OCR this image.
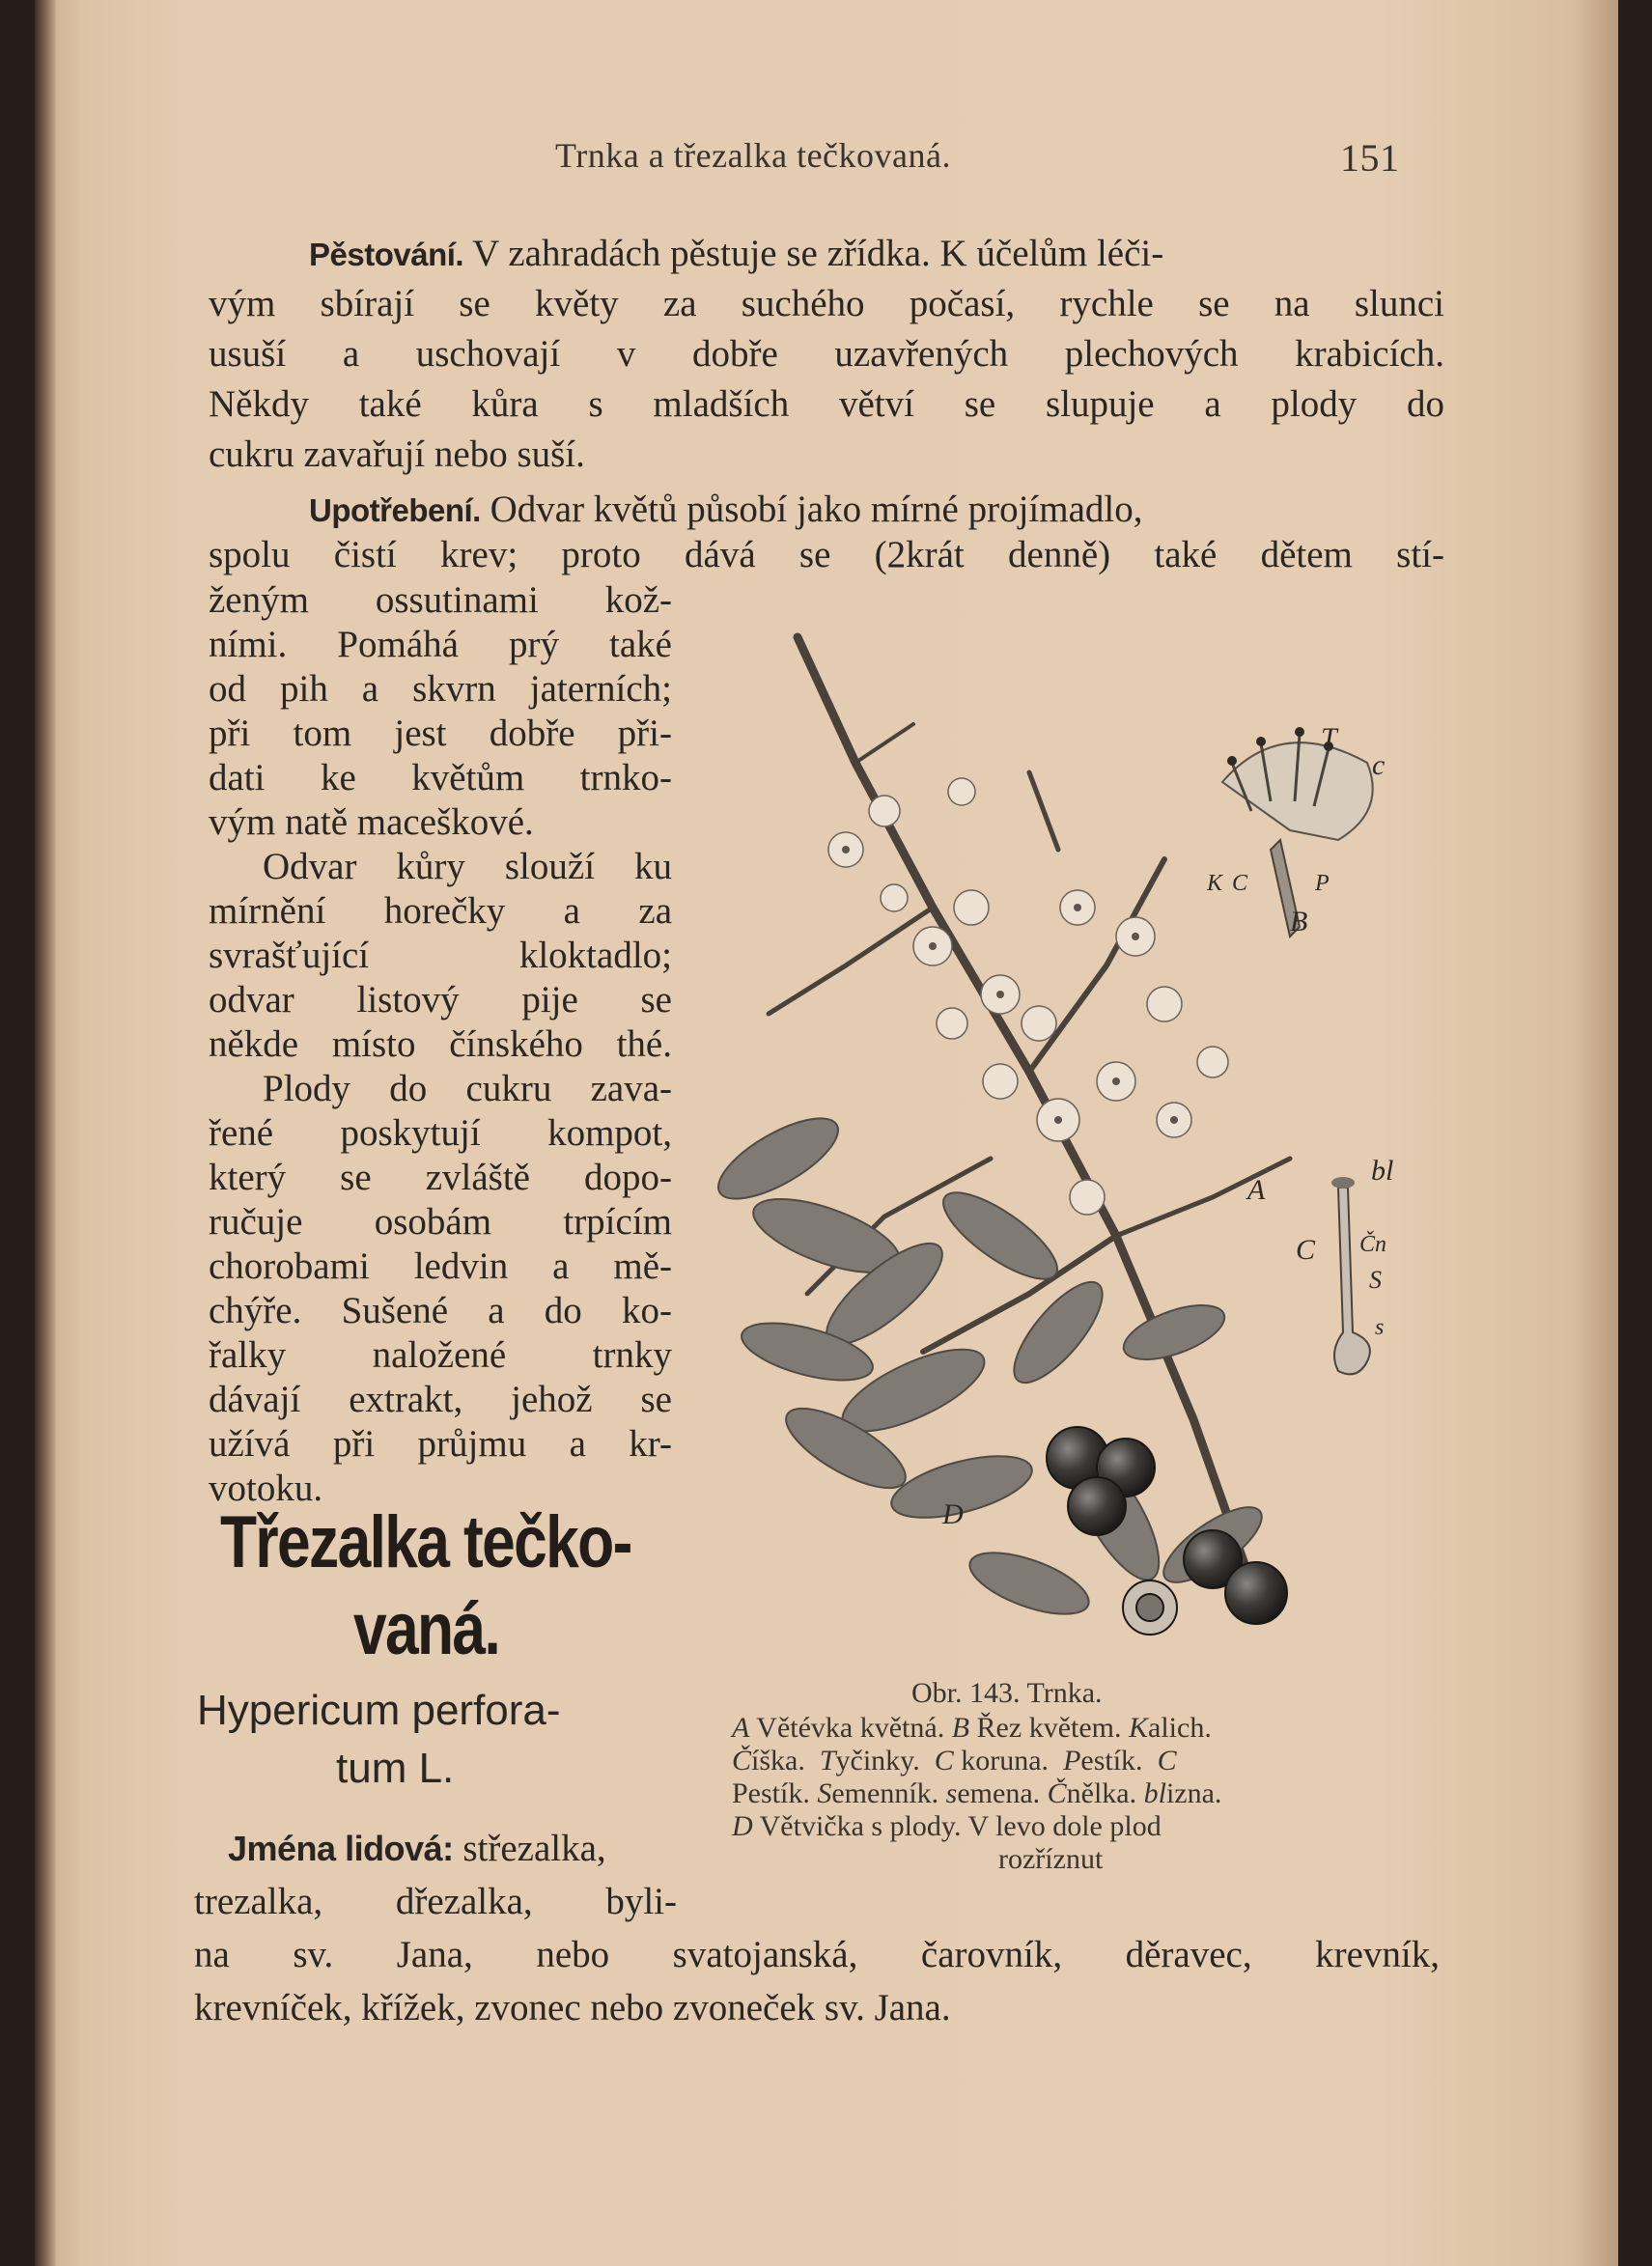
Trnka a třezalka tečkovaná.	151
Pěstování. V zahradách pěstuje se zřídka. K účelům léči-
vým sbírají se květy za suchého počasí, rychle se na slunci
usuší a uschovají v dobře uzavřených plechových krabicích.
Někdy také kůra s mladších větví se slupuje a plody do
cukru zavařují nebo suší.
Upotřebení. Odvar květů působí jako mírné projímadlo,
spolu čistí krev; proto dává se (2krát denně) také dětem stí-
ženým ossutinami kož-
ními. Pomáhá prý také
od pih a skvrn jaterních;
při tom jest dobře při-
dati ke květům trnko-
vým natě maceškové.
Odvar kůry slouží ku
mírnění horečky a za
svrašťující kloktadlo;
odvar listový pije se
někde místo čínského thé.
Plody do cukru zava-
řené poskytují kompot,
který se zvláště dopo-
ručuje osobám trpícím
chorobami ledvin a mě-
chýře. Sušené a do ko-
řalky naložené trnky
dávají extrakt, jehož se
užívá při průjmu a kr-
votoku.
Třezalka tečko-
vaná.
Hypericum perfora-
tum L.
Jména lidová: střezalka,
trezalka, dřezalka, byli-
na sv. Jana, nebo svatojanská, čarovník, děravec, krevník,
krevníček, křížek, zvonec nebo zvoneček sv. Jana.
T
c
K C	P
B
A
bl
C Čn
S
s
D
Obr. 143. Trnka.
A Větévka květná. B Řez květem. Kalich.
Číška. Tyčinky. C koruna. Pestík. C
Pestík. Semenník. semena. Čnělka. blizna.
D Větvička s plody. V levo dole plod
rozříznut
